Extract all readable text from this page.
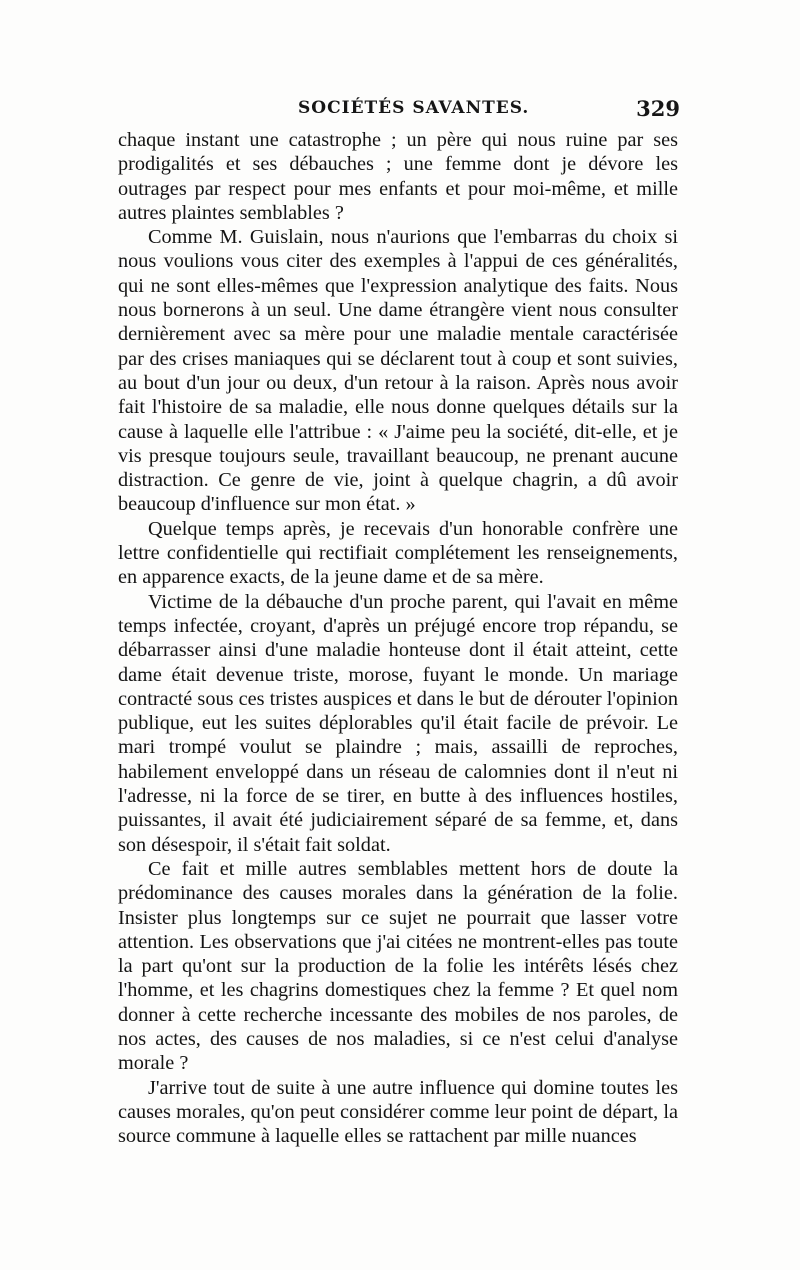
SOCIÉTÉS SAVANTES.	329

chaque instant une catastrophe ; un père qui nous ruine par ses prodigalités et ses débauches ; une femme dont je dévore les outrages par respect pour mes enfants et pour moi-même, et mille autres plaintes semblables ?

Comme M. Guislain, nous n'aurions que l'embarras du choix si nous voulions vous citer des exemples à l'appui de ces généralités, qui ne sont elles-mêmes que l'expression analytique des faits. Nous nous bornerons à un seul. Une dame étrangère vient nous consulter dernièrement avec sa mère pour une maladie mentale caractérisée par des crises maniaques qui se déclarent tout à coup et sont suivies, au bout d'un jour ou deux, d'un retour à la raison. Après nous avoir fait l'histoire de sa maladie, elle nous donne quelques détails sur la cause à laquelle elle l'attribue : « J'aime peu la société, dit-elle, et je vis presque toujours seule, travaillant beaucoup, ne prenant aucune distraction. Ce genre de vie, joint à quelque chagrin, a dû avoir beaucoup d'influence sur mon état. »

Quelque temps après, je recevais d'un honorable confrère une lettre confidentielle qui rectifiait complétement les renseignements, en apparence exacts, de la jeune dame et de sa mère.

Victime de la débauche d'un proche parent, qui l'avait en même temps infectée, croyant, d'après un préjugé encore trop répandu, se débarrasser ainsi d'une maladie honteuse dont il était atteint, cette dame était devenue triste, morose, fuyant le monde. Un mariage contracté sous ces tristes auspices et dans le but de dérouter l'opinion publique, eut les suites déplorables qu'il était facile de prévoir. Le mari trompé voulut se plaindre ; mais, assailli de reproches, habilement enveloppé dans un réseau de calomnies dont il n'eut ni l'adresse, ni la force de se tirer, en butte à des influences hostiles, puissantes, il avait été judiciairement séparé de sa femme, et, dans son désespoir, il s'était fait soldat.

Ce fait et mille autres semblables mettent hors de doute la prédominance des causes morales dans la génération de la folie. Insister plus longtemps sur ce sujet ne pourrait que lasser votre attention. Les observations que j'ai citées ne montrent-elles pas toute la part qu'ont sur la production de la folie les intérêts lésés chez l'homme, et les chagrins domestiques chez la femme ? Et quel nom donner à cette recherche incessante des mobiles de nos paroles, de nos actes, des causes de nos maladies, si ce n'est celui d'analyse morale ?

J'arrive tout de suite à une autre influence qui domine toutes les causes morales, qu'on peut considérer comme leur point de départ, la source commune à laquelle elles se rattachent par mille nuances
